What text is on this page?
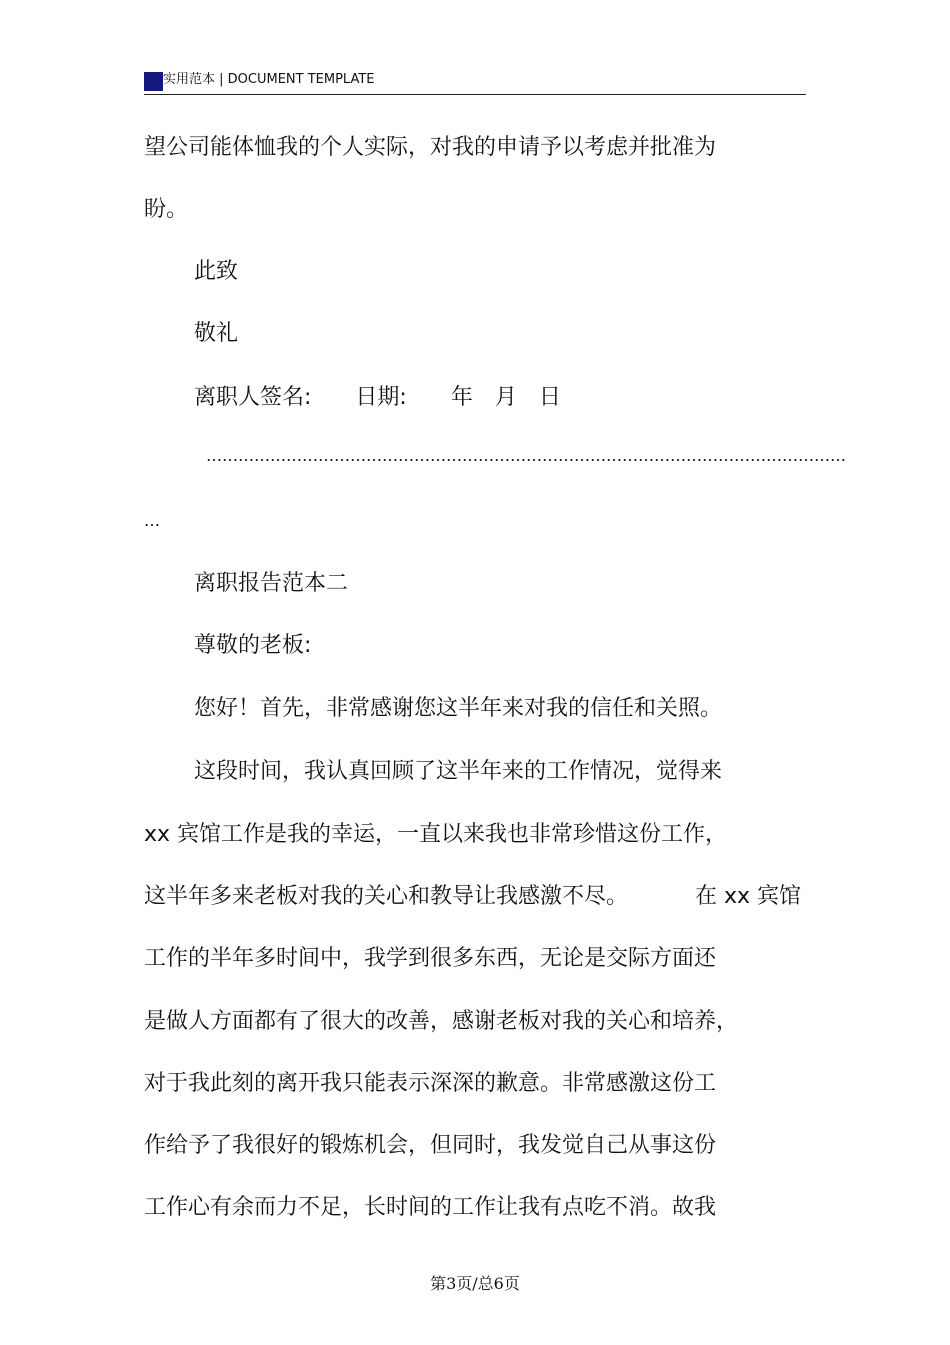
实用范本 | DOCUMENT TEMPLATE
望公司能体恤我的个人实际，对我的申请予以考虑并批准为
盼。
此致
敬礼
离职人签名:　　日期:　　年　月　日
…………………………………………………………………………………………………………
…
离职报告范本二
尊敬的老板:
您好！首先，非常感谢您这半年来对我的信任和关照。
这段时间，我认真回顾了这半年来的工作情况，觉得来
xx 宾馆工作是我的幸运，一直以来我也非常珍惜这份工作，
这半年多来老板对我的关心和教导让我感激不尽。	在 xx 宾馆
工作的半年多时间中，我学到很多东西，无论是交际方面还
是做人方面都有了很大的改善，感谢老板对我的关心和培养，
对于我此刻的离开我只能表示深深的歉意。非常感激这份工
作给予了我很好的锻炼机会，但同时，我发觉自己从事这份
工作心有余而力不足，长时间的工作让我有点吃不消。故我
第3页/总6页
